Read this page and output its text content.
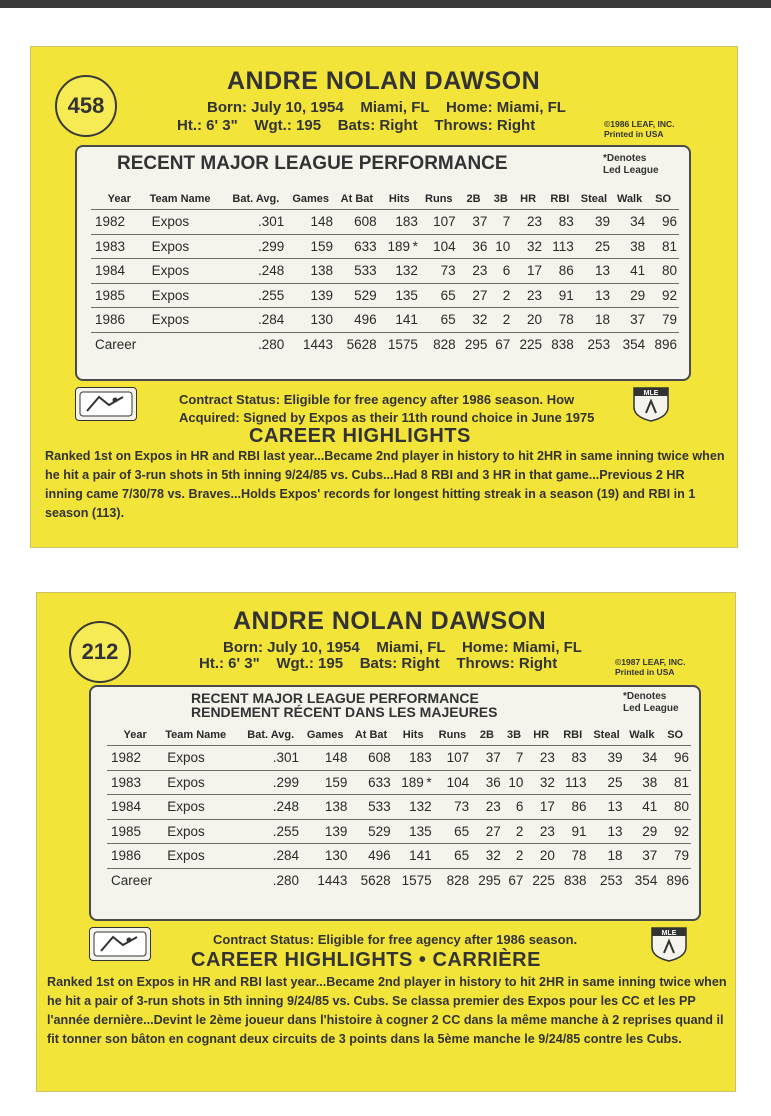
458
ANDRE NOLAN DAWSON
Born: July 10, 1954    Miami, FL    Home: Miami, FL
Ht.: 6' 3"    Wgt.: 195    Bats: Right    Throws: Right	©1986 LEAF, INC.
Printed in USA
RECENT MAJOR LEAGUE PERFORMANCE	*Denotes
Led League
Year	Team Name	Bat. Avg.	Games	At Bat	Hits	Runs	2B	3B	HR	RBI	Steal	Walk	SO
1982	Expos	.301	148	608	183	107	37	7	23	83	39	34	96
1983	Expos	.299	159	633	189 *	104	36	10	32	113	25	38	81
1984	Expos	.248	138	533	132	73	23	6	17	86	13	41	80
1985	Expos	.255	139	529	135	65	27	2	23	91	13	29	92
1986	Expos	.284	130	496	141	65	32	2	20	78	18	37	79
Career		.280	1443	5628	1575	828	295	67	225	838	253	354	896
MLE
Contract Status: Eligible for free agency after 1986 season. How
Acquired: Signed by Expos as their 11th round choice in June 1975
CAREER HIGHLIGHTS
Ranked 1st on Expos in HR and RBI last year...Became 2nd player in history to hit 2HR in same inning twice when he hit a pair of 3-run shots in 5th inning 9/24/85 vs. Cubs...Had 8 RBI and 3 HR in that game...Previous 2 HR inning came 7/30/78 vs. Braves...Holds Expos' records for longest hitting streak in a season (19) and RBI in 1 season (113).
212
ANDRE NOLAN DAWSON
Born: July 10, 1954    Miami, FL    Home: Miami, FL
Ht.: 6' 3"    Wgt.: 195    Bats: Right    Throws: Right	©1987 LEAF, INC.
Printed in USA
RECENT MAJOR LEAGUE PERFORMANCE
RENDEMENT RÉCENT DANS LES MAJEURES
*Denotes
Led League
Year	Team Name	Bat. Avg.	Games	At Bat	Hits	Runs	2B	3B	HR	RBI	Steal	Walk	SO
1982	Expos	.301	148	608	183	107	37	7	23	83	39	34	96
1983	Expos	.299	159	633	189 *	104	36	10	32	113	25	38	81
1984	Expos	.248	138	533	132	73	23	6	17	86	13	41	80
1985	Expos	.255	139	529	135	65	27	2	23	91	13	29	92
1986	Expos	.284	130	496	141	65	32	2	20	78	18	37	79
Career		.280	1443	5628	1575	828	295	67	225	838	253	354	896
MLE
Contract Status: Eligible for free agency after 1986 season.
CAREER HIGHLIGHTS • CARRIÈRE
Ranked 1st on Expos in HR and RBI last year...Became 2nd player in history to hit 2HR in same inning twice when he hit a pair of 3-run shots in 5th inning 9/24/85 vs. Cubs. Se classa premier des Expos pour les CC et les PP l'année dernière...Devint le 2ème joueur dans l'histoire à cogner 2 CC dans la même manche à 2 reprises quand il fit tonner son bâton en cognant deux circuits de 3 points dans la 5ème manche le 9/24/85 contre les Cubs.
